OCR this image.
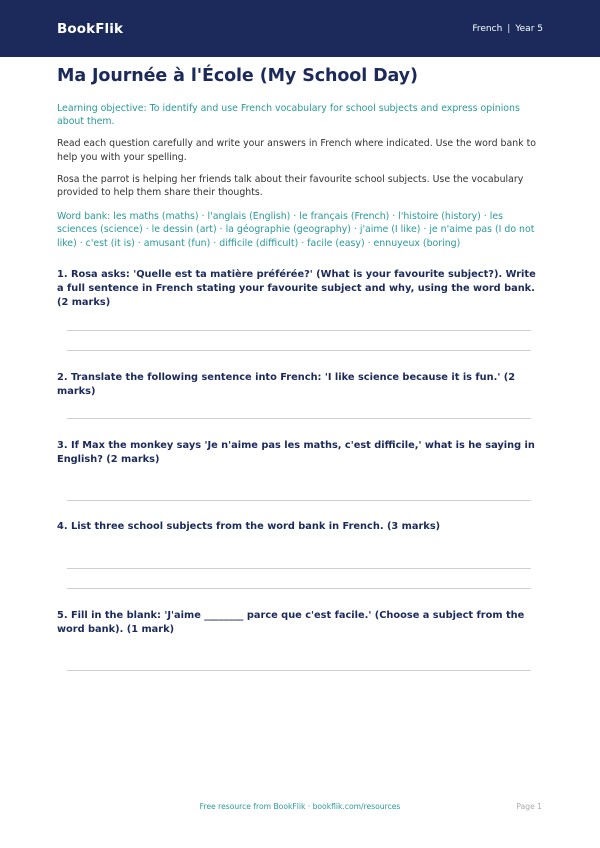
BookFlik	French | Year 5
Ma Journée à l'École (My School Day)

Learning objective: To identify and use French vocabulary for school subjects and express opinions about them.

Read each question carefully and write your answers in French where indicated. Use the word bank to help you with your spelling.

Rosa the parrot is helping her friends talk about their favourite school subjects. Use the vocabulary provided to help them share their thoughts.

Word bank: les maths (maths) · l'anglais (English) · le français (French) · l'histoire (history) · les sciences (science) · le dessin (art) · la géographie (geography) · j'aime (I like) · je n'aime pas (I do not like) · c'est (it is) · amusant (fun) · difficile (difficult) · facile (easy) · ennuyeux (boring)

1. Rosa asks: 'Quelle est ta matière préférée?' (What is your favourite subject?). Write a full sentence in French stating your favourite subject and why, using the word bank. (2 marks)
2. Translate the following sentence into French: 'I like science because it is fun.' (2 marks)
3. If Max the monkey says 'Je n'aime pas les maths, c'est difficile,' what is he saying in English? (2 marks)
4. List three school subjects from the word bank in French. (3 marks)
5. Fill in the blank: 'J'aime ________ parce que c'est facile.' (Choose a subject from the word bank). (1 mark)
Free resource from BookFlik · bookflik.com/resources	Page 1
